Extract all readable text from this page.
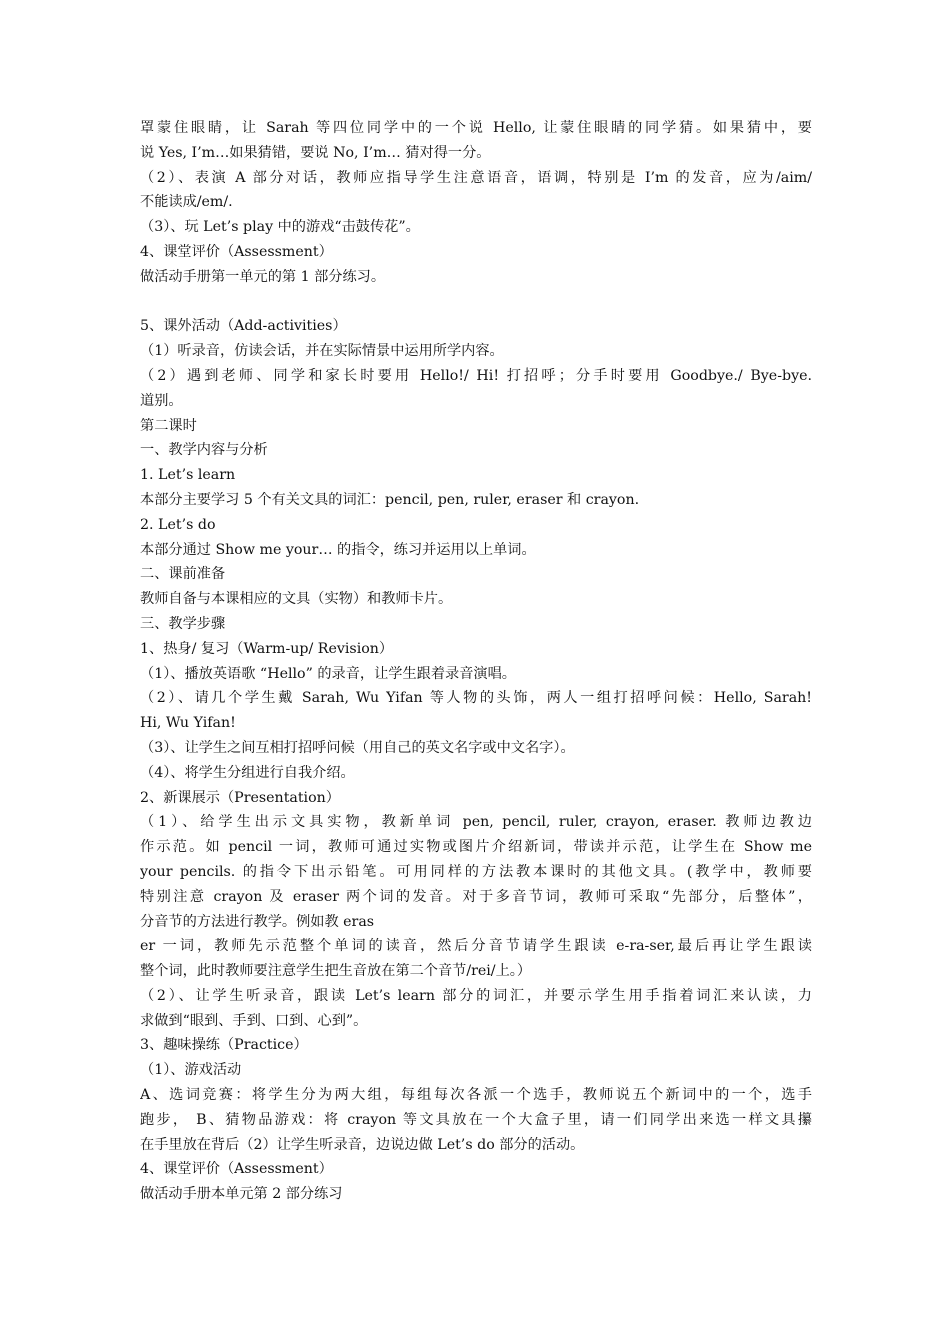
罩蒙住眼睛，让 Sarah 等四位同学中的一个说 Hello, 让蒙住眼睛的同学猜。如果猜中，要
说 Yes, I’m…如果猜错，要说 No, I’m… 猜对得一分。
（2）、表演 A 部分对话，教师应指导学生注意语音，语调，特别是 I’m 的发音，应为/aim/
不能读成/em/.
（3）、玩 Let’s play 中的游戏“击鼓传花”。
4、课堂评价（Assessment）
做活动手册第一单元的第 1 部分练习。
5、课外活动（Add-activities）
（1）听录音，仿读会话，并在实际情景中运用所学内容。
（2）遇到老师、同学和家长时要用 Hello!/ Hi! 打招呼；分手时要用 Goodbye./ Bye-bye.
道别。
第二课时
一、教学内容与分析
1. Let’s learn
本部分主要学习 5 个有关文具的词汇：pencil, pen, ruler, eraser 和 crayon.
2. Let’s do
本部分通过 Show me your… 的指令，练习并运用以上单词。
二、课前准备
教师自备与本课相应的文具（实物）和教师卡片。
三、教学步骤
1、热身/ 复习（Warm-up/ Revision）
（1）、播放英语歌 “Hello” 的录音，让学生跟着录音演唱。
（2）、请几个学生戴 Sarah, Wu Yifan 等人物的头饰，两人一组打招呼问候：Hello, Sarah!
Hi, Wu Yifan!
（3）、让学生之间互相打招呼问候（用自己的英文名字或中文名字）。
（4）、将学生分组进行自我介绍。
2、新课展示（Presentation）
（1）、给学生出示文具实物，教新单词 pen, pencil, ruler, crayon, eraser. 教师边教边
作示范。如 pencil 一词，教师可通过实物或图片介绍新词，带读并示范，让学生在 Show me
your pencils. 的指令下出示铅笔。可用同样的方法教本课时的其他文具。(教学中，教师要
特别注意 crayon 及 eraser 两个词的发音。对于多音节词，教师可采取“先部分，后整体”，
分音节的方法进行教学。例如教 eras
er 一词，教师先示范整个单词的读音，然后分音节请学生跟读 e-ra-ser,最后再让学生跟读
整个词，此时教师要注意学生把生音放在第二个音节/rei/上。）
（2）、让学生听录音，跟读 Let’s learn 部分的词汇，并要示学生用手指着词汇来认读，力
求做到“眼到、手到、口到、心到”。
3、趣味操练（Practice）
（1）、游戏活动
A、选词竞赛：将学生分为两大组，每组每次各派一个选手，教师说五个新词中的一个，选手
跑步， B、猜物品游戏：将 crayon 等文具放在一个大盒子里，请一们同学出来选一样文具攥
在手里放在背后（2）让学生听录音，边说边做 Let’s do 部分的活动。
4、课堂评价（Assessment）
做活动手册本单元第 2 部分练习
